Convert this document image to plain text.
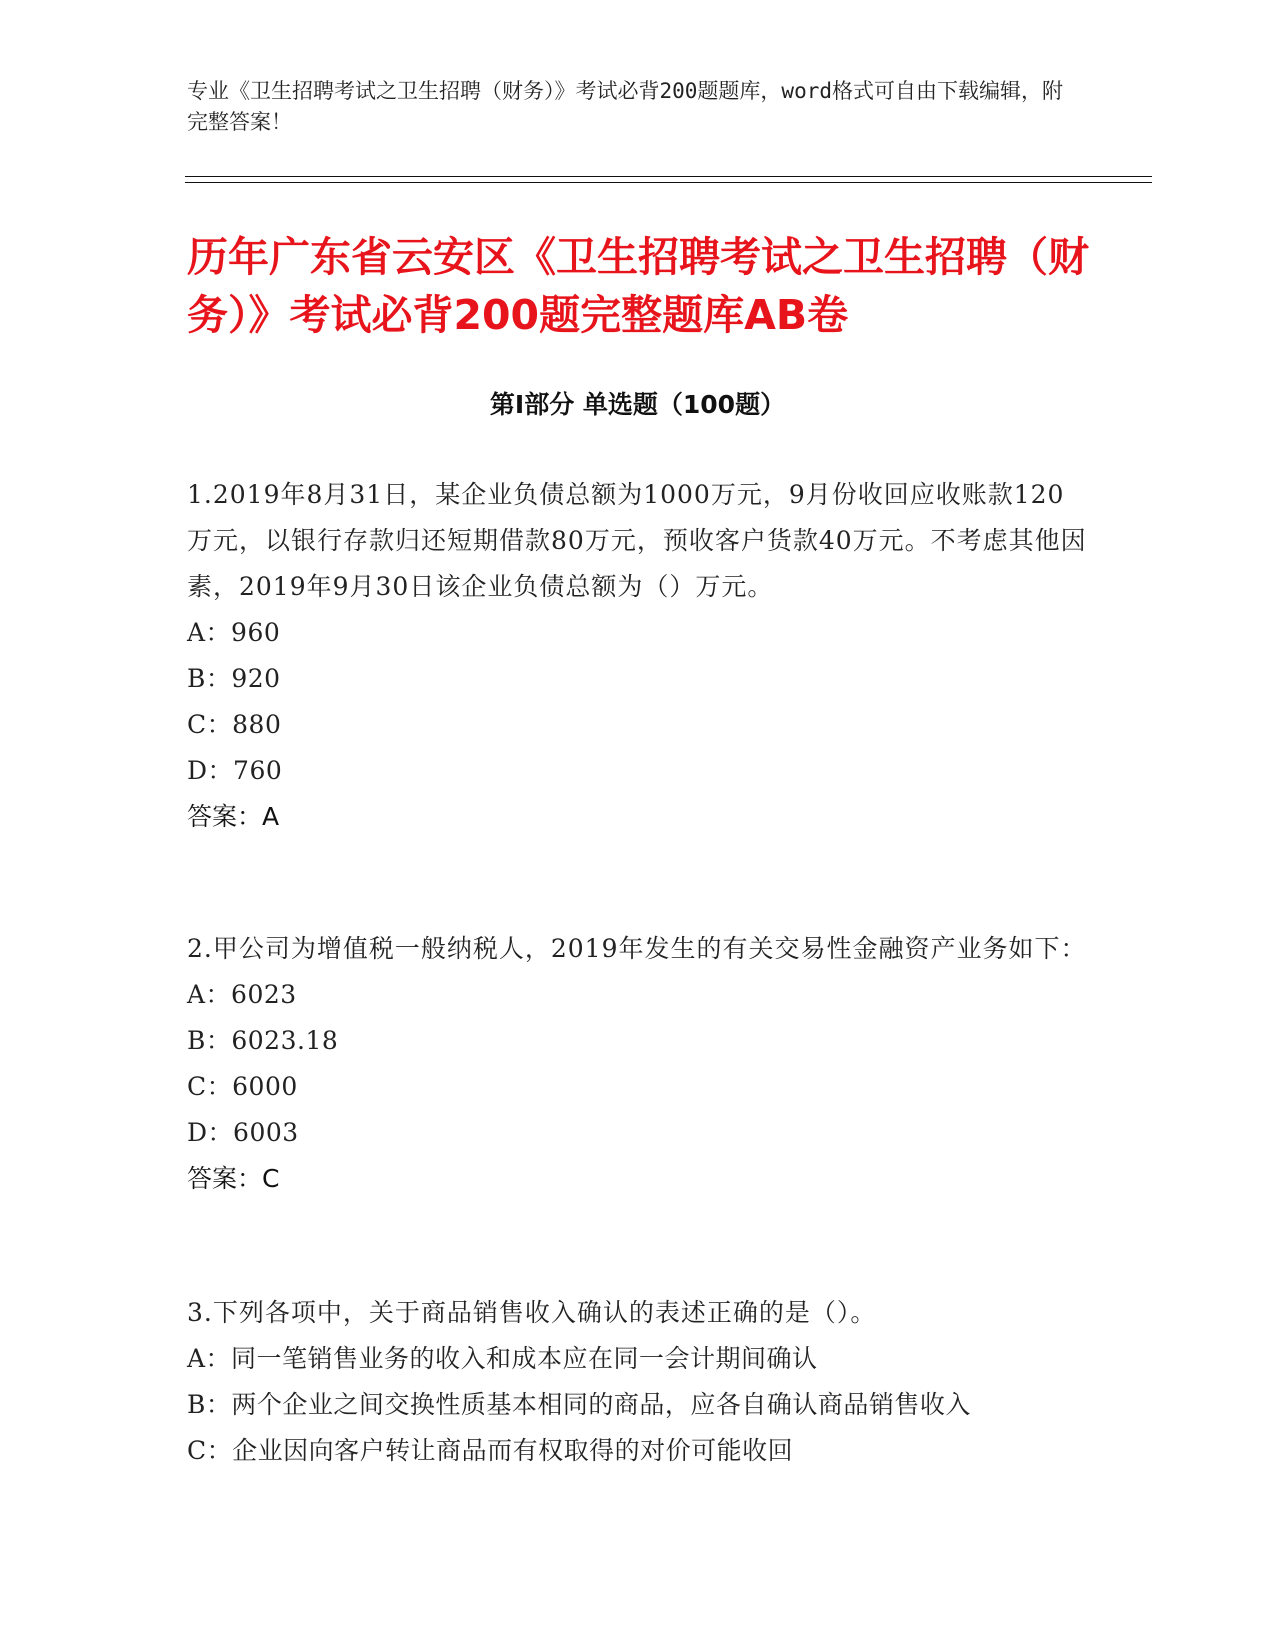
专业《卫生招聘考试之卫生招聘（财务）》考试必背200题题库，word格式可自由下载编辑，附完整答案！

历年广东省云安区《卫生招聘考试之卫生招聘（财务）》考试必背200题完整题库AB卷
第Ⅰ部分 单选题（100题）

1.2019年8月31日，某企业负债总额为1000万元，9月份收回应收账款120万元，以银行存款归还短期借款80万元，预收客户货款40万元。不考虑其他因素，2019年9月30日该企业负债总额为（）万元。

A：960

B：920

C：880

D：760

答案：A

2.甲公司为增值税一般纳税人，2019年发生的有关交易性金融资产业务如下：

A：6023

B：6023.18

C：6000

D：6003

答案：C

3.下列各项中，关于商品销售收入确认的表述正确的是（）。

A：同一笔销售业务的收入和成本应在同一会计期间确认

B：两个企业之间交换性质基本相同的商品，应各自确认商品销售收入

C：企业因向客户转让商品而有权取得的对价可能收回
